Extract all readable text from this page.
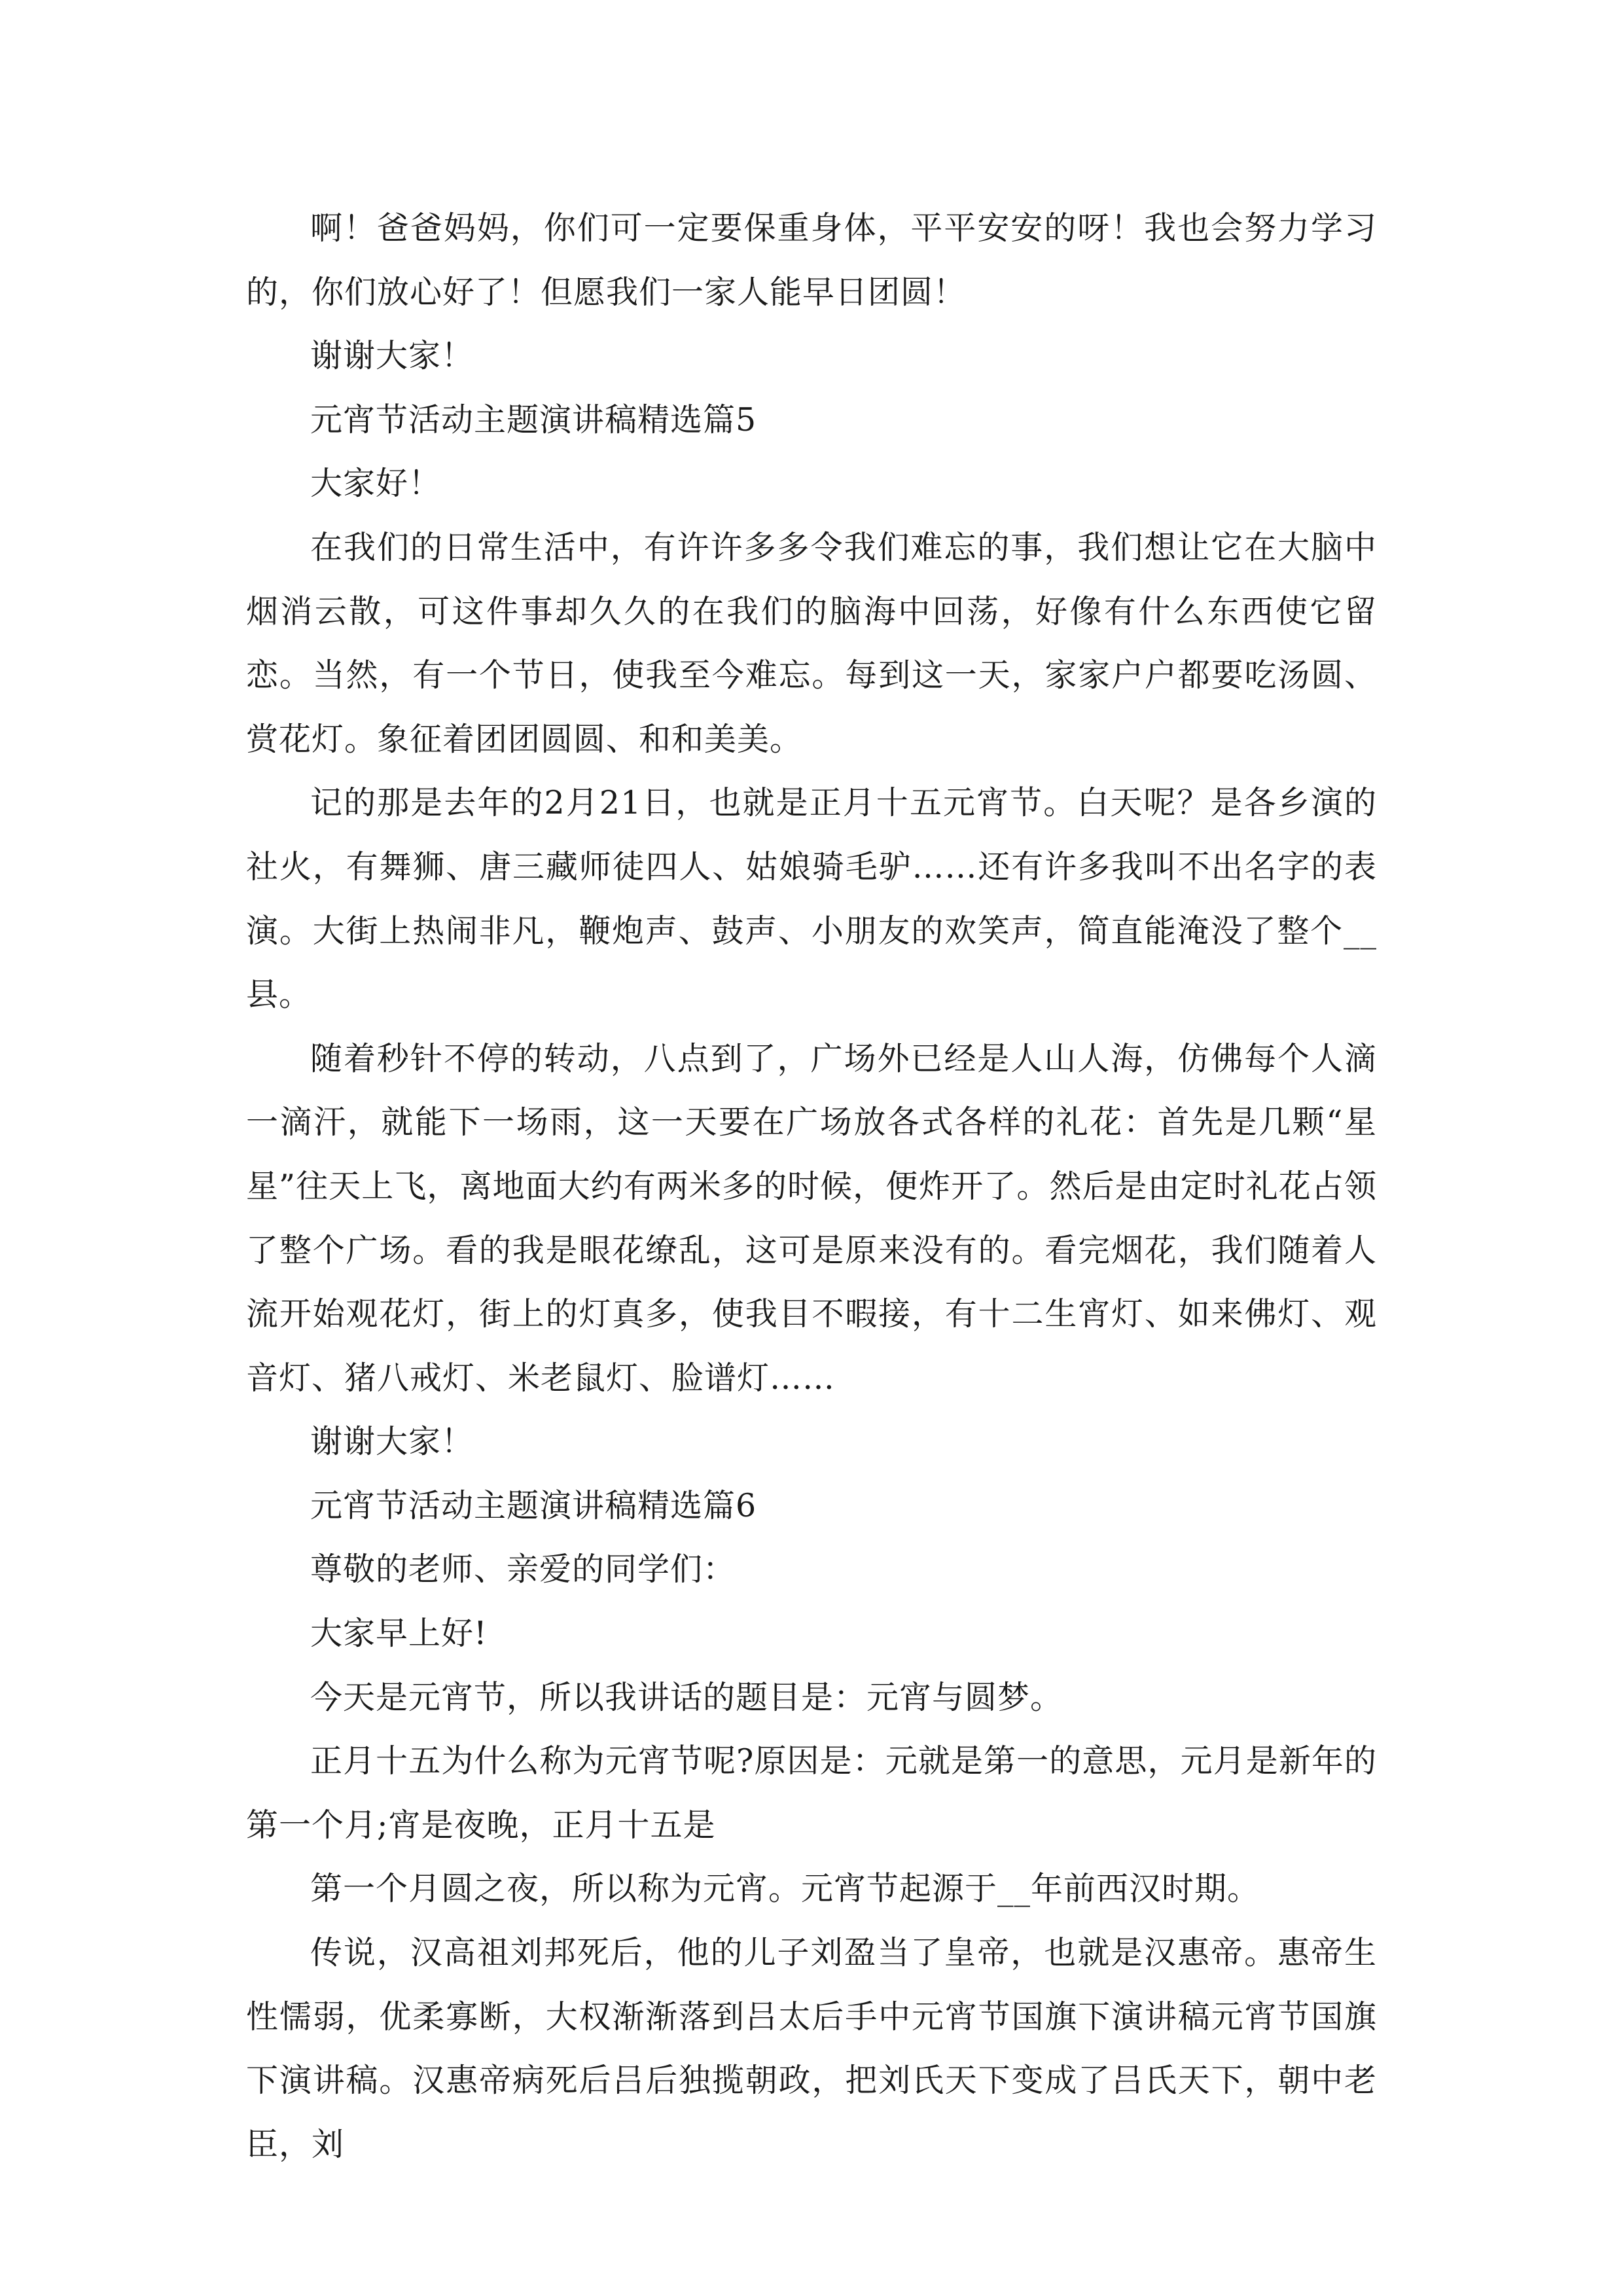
啊！爸爸妈妈，你们可一定要保重身体，平平安安的呀！我也会努力学习的，你们放心好了！但愿我们一家人能早日团圆！

谢谢大家！

元宵节活动主题演讲稿精选篇5

大家好！

在我们的日常生活中，有许许多多令我们难忘的事，我们想让它在大脑中烟消云散，可这件事却久久的在我们的脑海中回荡，好像有什么东西使它留恋。当然，有一个节日，使我至今难忘。每到这一天，家家户户都要吃汤圆、赏花灯。象征着团团圆圆、和和美美。

记的那是去年的2月21日，也就是正月十五元宵节。白天呢？是各乡演的社火，有舞狮、唐三藏师徒四人、姑娘骑毛驴……还有许多我叫不出名字的表演。大街上热闹非凡，鞭炮声、鼓声、小朋友的欢笑声，简直能淹没了整个__县。

随着秒针不停的转动，八点到了，广场外已经是人山人海，仿佛每个人滴一滴汗，就能下一场雨，这一天要在广场放各式各样的礼花：首先是几颗“星星”往天上飞，离地面大约有两米多的时候，便炸开了。然后是由定时礼花占领了整个广场。看的我是眼花缭乱，这可是原来没有的。看完烟花，我们随着人流开始观花灯，街上的灯真多，使我目不暇接，有十二生宵灯、如来佛灯、观音灯、猪八戒灯、米老鼠灯、脸谱灯……

谢谢大家！

元宵节活动主题演讲稿精选篇6

尊敬的老师、亲爱的同学们：

大家早上好!

今天是元宵节，所以我讲话的题目是：元宵与圆梦。

正月十五为什么称为元宵节呢?原因是：元就是第一的意思，元月是新年的第一个月;宵是夜晚，正月十五是

第一个月圆之夜，所以称为元宵。元宵节起源于__年前西汉时期。

传说，汉高祖刘邦死后，他的儿子刘盈当了皇帝，也就是汉惠帝。惠帝生性懦弱，优柔寡断，大权渐渐落到吕太后手中元宵节国旗下演讲稿元宵节国旗下演讲稿。汉惠帝病死后吕后独揽朝政，把刘氏天下变成了吕氏天下，朝中老臣，刘
